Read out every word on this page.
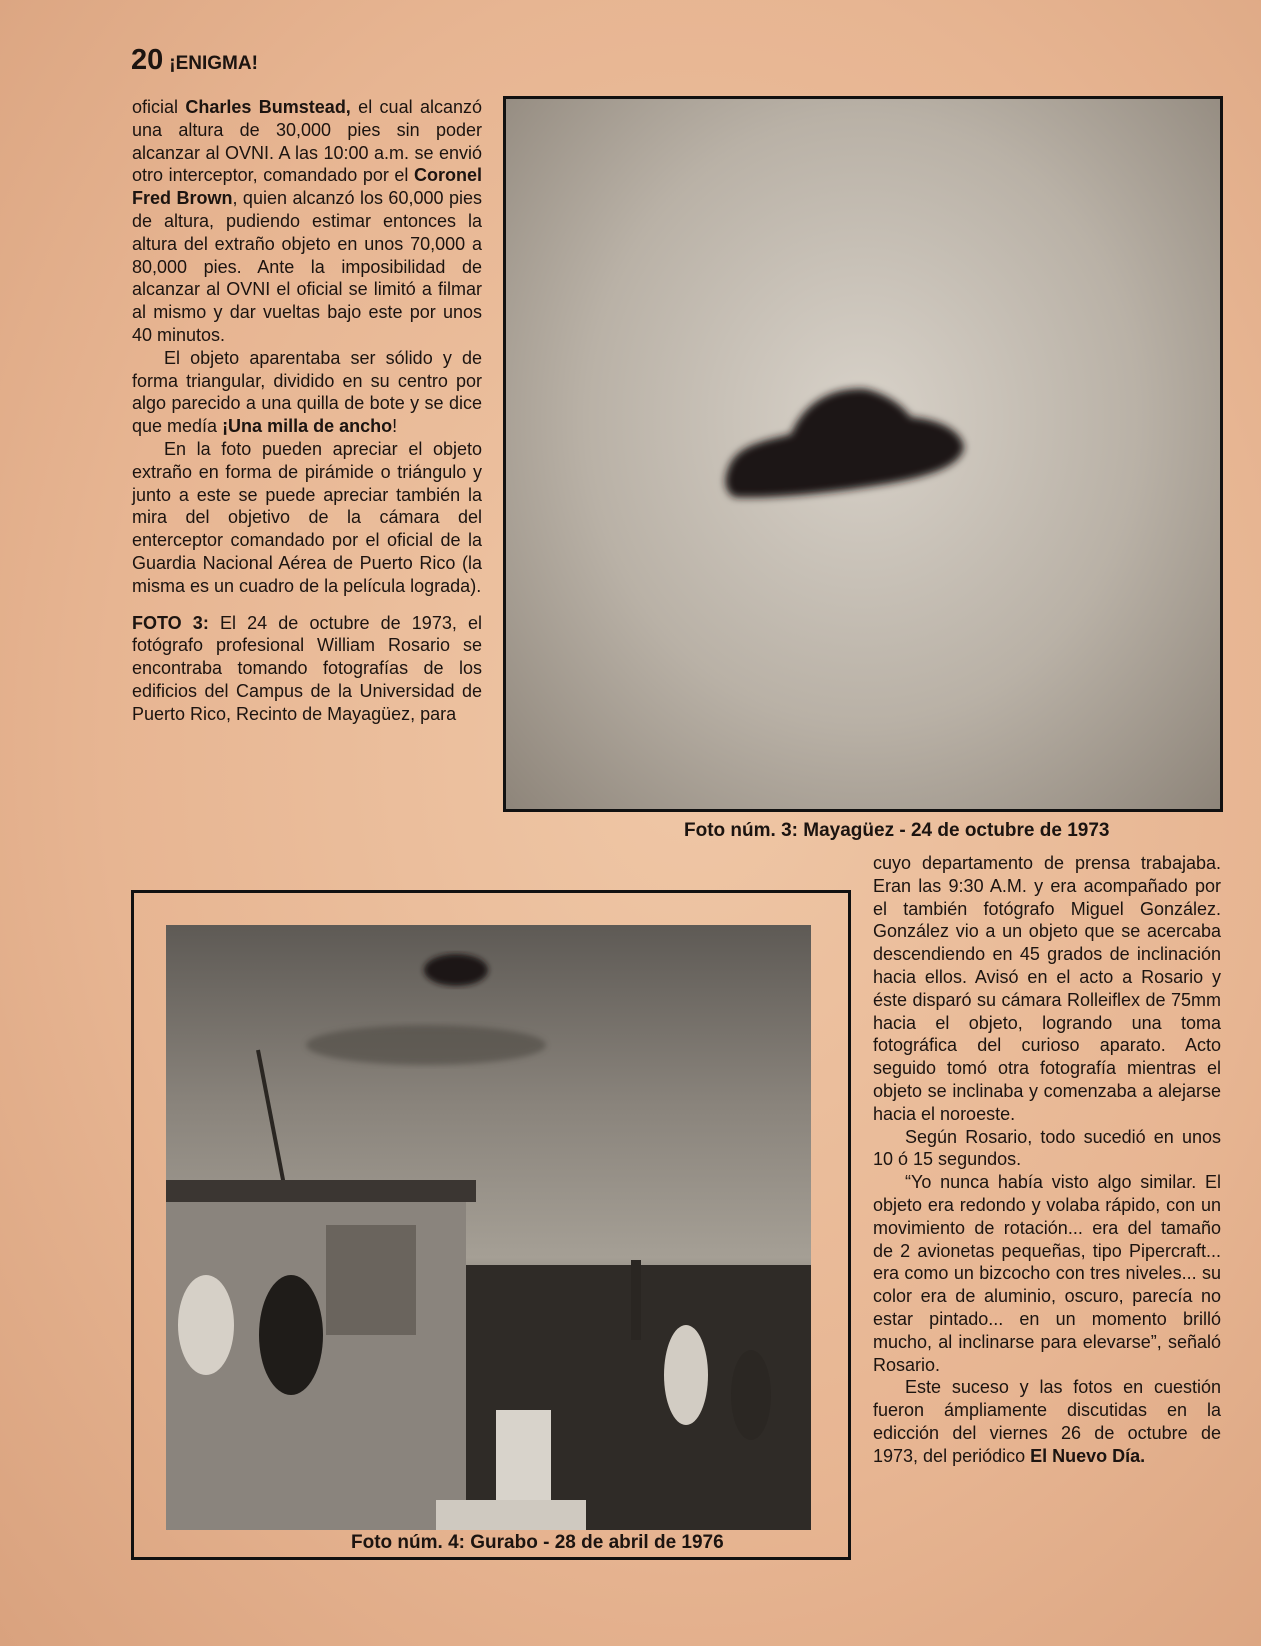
20 ¡ENIGMA!

oficial Charles Bumstead, el cual alcanzó una altura de 30,000 pies sin poder alcanzar al OVNI. A las 10:00 a.m. se envió otro interceptor, comandado por el Coronel Fred Brown, quien alcanzó los 60,000 pies de altura, pudiendo estimar entonces la altura del extraño objeto en unos 70,000 a 80,000 pies. Ante la imposibilidad de alcanzar al OVNI el oficial se limitó a filmar al mismo y dar vueltas bajo este por unos 40 minutos.

El objeto aparentaba ser sólido y de forma triangular, dividido en su centro por algo parecido a una quilla de bote y se dice que medía ¡Una milla de ancho!

En la foto pueden apreciar el objeto extraño en forma de pirámide o triángulo y junto a este se puede apreciar también la mira del objetivo de la cámara del enterceptor comandado por el oficial de la Guardia Nacional Aérea de Puerto Rico (la misma es un cuadro de la película lograda).

FOTO 3: El 24 de octubre de 1973, el fotógrafo profesional William Rosario se encontraba tomando fotografías de los edificios del Campus de la Universidad de Puerto Rico, Recinto de Mayagüez, para

Foto núm. 3: Mayagüez - 24 de octubre de 1973

cuyo departamento de prensa trabajaba. Eran las 9:30 A.M. y era acompañado por el también fotógrafo Miguel González. González vio a un objeto que se acercaba descendiendo en 45 grados de inclinación hacia ellos. Avisó en el acto a Rosario y éste disparó su cámara Rolleiflex de 75mm hacia el objeto, logrando una toma fotográfica del curioso aparato. Acto seguido tomó otra fotografía mientras el objeto se inclinaba y comenzaba a alejarse hacia el noroeste.

Según Rosario, todo sucedió en unos 10 ó 15 segundos.

“Yo nunca había visto algo similar. El objeto era redondo y volaba rápido, con un movimiento de rotación... era del tamaño de 2 avionetas pequeñas, tipo Pipercraft... era como un bizcocho con tres niveles... su color era de aluminio, oscuro, parecía no estar pintado... en un momento brilló mucho, al inclinarse para elevarse”, señaló Rosario.

Este suceso y las fotos en cuestión fueron ámpliamente discutidas en la edicción del viernes 26 de octubre de 1973, del periódico El Nuevo Día.

Foto núm. 4: Gurabo - 28 de abril de 1976
